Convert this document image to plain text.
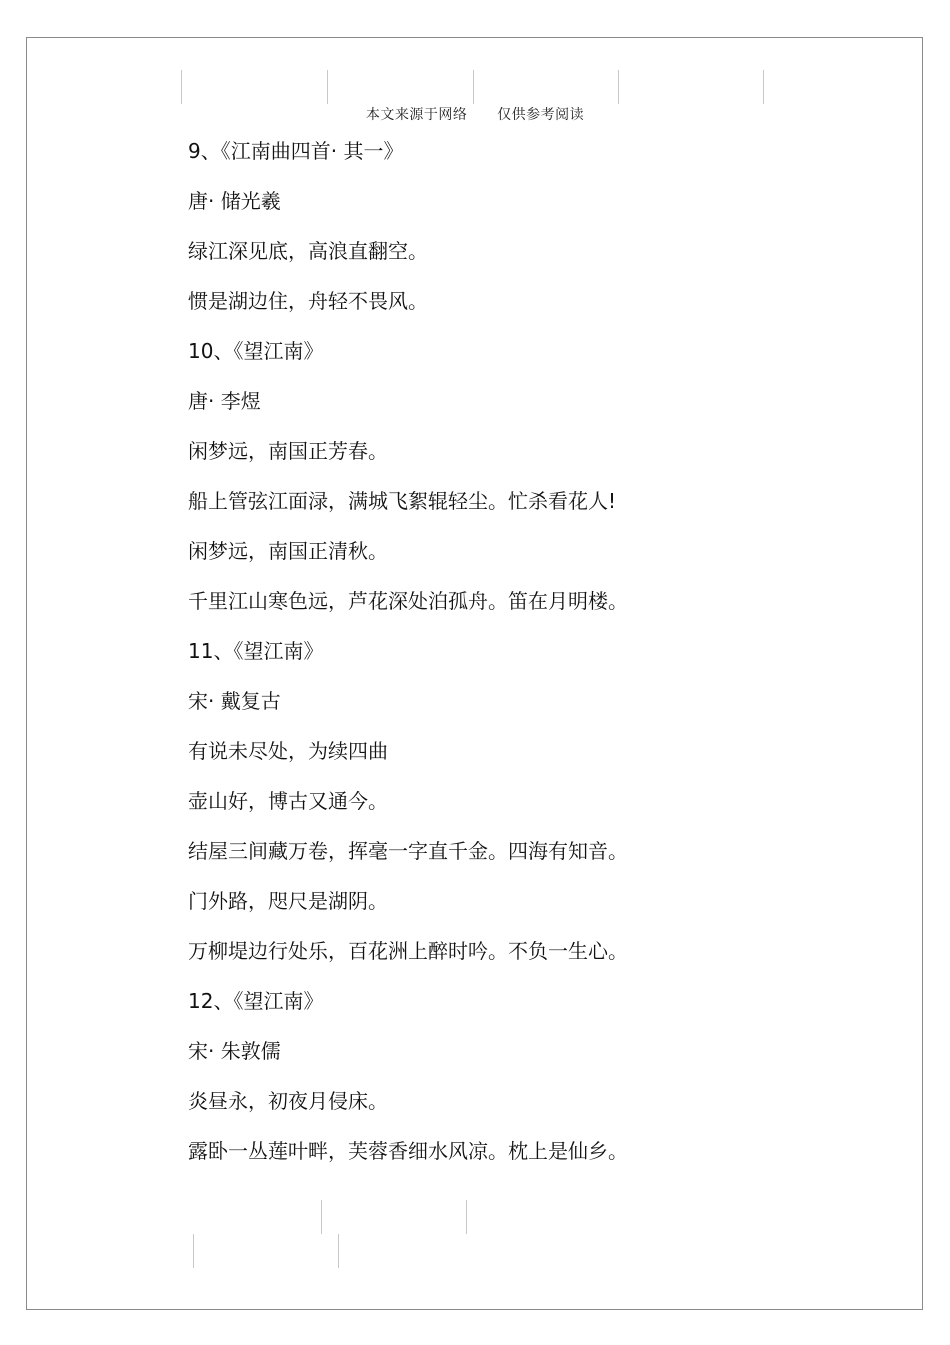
本文来源于网络      仅供参考阅读
9、《江南曲四首· 其一》
唐· 储光羲
绿江深见底，高浪直翻空。
惯是湖边住，舟轻不畏风。
10、《望江南》
唐· 李煜
闲梦远，南国正芳春。
船上管弦江面渌，满城飞絮辊轻尘。忙杀看花人!
闲梦远，南国正清秋。
千里江山寒色远，芦花深处泊孤舟。笛在月明楼。
11、《望江南》
宋· 戴复古
有说未尽处，为续四曲
壶山好，博古又通今。
结屋三间藏万卷，挥毫一字直千金。四海有知音。
门外路，咫尺是湖阴。
万柳堤边行处乐，百花洲上醉时吟。不负一生心。
12、《望江南》
宋· 朱敦儒
炎昼永，初夜月侵床。
露卧一丛莲叶畔，芙蓉香细水风凉。枕上是仙乡。
